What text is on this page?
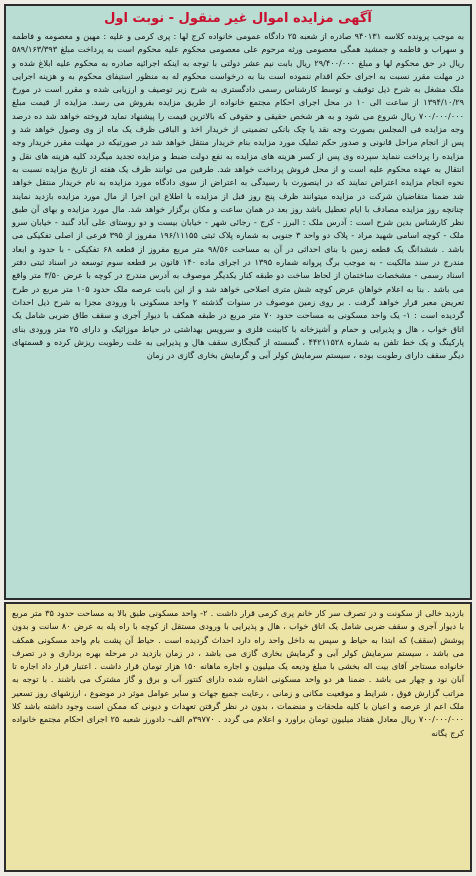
آگهی مزایده اموال غیر منقول - نوبت اول
به موجب پرونده کلاسه ۹۴۰۱۳۱ صادره از شعبه ۲۵ دادگاه عمومی خانواده کرج لها : پری کرمی و علیه : مهین و معصومه و فاطمه و سهراب و فاطمه و جمشید همگی معصومی ورثه مرحوم علی معصومی محکوم علیه محکوم است به پرداخت مبلغ ۵۸۹/۱۶۳/۳۹۳ ریال در حق محکوم لها و مبلغ ۲۹/۴۰۰/۰۰۰ ریال بابت نیم عشر دولتی با توجه به اینکه اجرائیه صادره به محکوم علیه ابلاغ شده و در مهلت مقرر نسبت به اجرای حکم اقدام ننموده است بنا به درخواست محکوم له به منظور استیفای محکوم به و هزینه اجرایی ملک مشغل به شرح ذیل توقیف و توسط کارشناس رسمی دادگستری به شرح زیر توصیف و ارزیابی شده و مقرر است در مورخ ۱۳۹۴/۱۰/۲۹ از ساعت الی ۱۰ در محل اجرای احکام مجتمع خانواده از طریق مزایده بفروش می رسد. مزایده از قیمت مبلغ ۷۰۰/۰۰۰/۰۰۰ ریال شروع می شود و به هر شخص حقیقی و حقوقی که بالاترین قیمت را پیشنهاد نماید فروخته خواهد شد ده درصد وجه مزایده فی المجلس بصورت وجه نقد یا چک بانکی تضمینی از خریدار اخذ و الباقی ظرف یک ماه از وی وصول خواهد شد و پس از انجام مراحل قانونی و صدور حکم تملیک مورد مزایده بنام خریدار منتقل خواهد شد در صورتیکه در مهلت مقرر خریدار وجه مزایده را پرداخت ننماید سپرده وی پس از کسر هزینه های مزایده به نفع دولت ضبط و مزایده تجدید میگردد کلیه هزینه های نقل و انتقال به عهده محکوم علیه است و از محل فروش پرداخت خواهد شد. طرفین می توانند ظرف یک هفته از تاریخ مزایده نسبت به نحوه انجام مزایده اعتراض نمایند که در اینصورت با رسیدگی به اعتراض از سوی دادگاه مورد مزایده به نام خریدار منتقل خواهد شد ضمنا متقاضیان شرکت در مزایده میتوانند ظرف پنج روز قبل از مزایده با اطلاع این اجرا از مال مورد مزایده بازدید نمایند چنانچه روز مزایده مصادف با ایام تعطیل باشد روز بعد در همان ساعت و مکان برگزار خواهد شد. مال مورد مزایده و بهای آن طبق نظر کارشناس بدین شرح است : آدرس ملک : البرز - کرج - رجائی شهر - خیابان بیست و دو روستای علی آباد گنبد - خیابان سرو ملک - کوچه اسامی شهید مراد - پلاک دو واحد ۳ جنوبی به شماره پلاک ثبتی ۱۹۶/۱۱۱۵۵ مفروز از ۳۹۵ فرعی از اصلی تفکیکی می باشد . ششدانگ یک قطعه زمین با بنای احداثی در آن به مساحت ۹۸/۵۶ متر مربع مفروز از قطعه ۶۸ تفکیکی - با حدود و ابعاد مندرج در سند مالکیت - به موجب برگ پروانه شماره ۱۳۹۵ در اجرای ماده ۱۴۰ قانون بر قطعه سوم توسعه در اسناد ثبتی دفتر اسناد رسمی - مشخصات ساختمان از لحاظ ساخت دو طبقه کنار یکدیگر موصوف به آدرس مندرج در کوچه با عرض ۳/۵۰ متر واقع می باشد . بنا به اعلام خواهان عرض کوچه شش متری اصلاحی خواهد شد و از این بابت عرصه ملک حدود ۱۰۵ متر مربع در طرح تعریض معبر قرار خواهد گرفت . بر روی زمین موصوف در سنوات گذشته ۲ واحد مسکونی با ورودی مجزا به شرح ذیل احداث گردیده است : ۱- یک واحد مسکونی به مساحت حدود ۷۰ متر مربع در طبقه همکف با دیوار آجری و سقف طاق ضربی شامل یک اتاق خواب ، هال و پذیرایی و حمام و آشپزخانه با کابینت فلزی و سرویس بهداشتی در حیاط موزائیک و دارای ۲۵ متر ورودی بنای پارکینگ و یک خط تلفن به شماره ۴۴۲۱۱۵۲۸ ، گسسته از گنجگاری سقف هال و پذیرایی به علت رطوبت ریزش کرده و قسمتهای دیگر سقف دارای رطوبت بوده ، سیستم سرمایش کولر آبی و گرمایش بخاری گازی در زمان
بازدید خالی از سکونت و در تصرف سر کار خانم پری کرمی قرار داشت . ۲- واحد مسکونی طبق بالا به مساحت حدود ۳۵ متر مربع با دیوار آجری و سقف ضربی شامل یک اتاق خواب ، هال و پذیرایی با ورودی مستقل از کوچه با راه پله به عرض ۸۰ سانت و بدون پوشش (سقف) که ابتدا به حیاط و سپس به داخل واحد راه دارد احداث گردیده است . حیاط آن پشت بام واحد مسکونی همکف می باشد ، سیستم سرمایش کولر آبی و گرمایش بخاری گازی می باشد ، در زمان بازدید در مرحله بهره برداری و در تصرف خانواده مستاجر آقای بیت اله بخشی با مبلغ ودیعه یک میلیون و اجاره ماهانه ۱۵۰ هزار تومان قرار داشت . اعتبار قرار داد اجاره تا آبان نود و چهار می باشد . ضمنا هر دو واحد مسکونی اشاره شده دارای کنتور آب و برق و گاز مشترک می باشند . با توجه به مراتب گزارش فوق ، شرایط و موقعیت مکانی و زمانی ، رعایت جمیع جهات و سایر عوامل موثر در موضوع ، ارزشهای روز تسعیر ملک اعم از عرصه و اعیان با کلیه ملحقات و منضمات ، بدون در نظر گرفتن تعهدات و دیونی که ممکن است وجود داشته باشد کلا ۷۰۰/۰۰۰/۰۰۰ ریال معادل هفتاد میلیون تومان براورد و اعلام می گردد . ۳۹۷۷۰م الف- دادورز شعبه ۲۵ اجرای احکام مجتمع خانواده کرج یگانه
